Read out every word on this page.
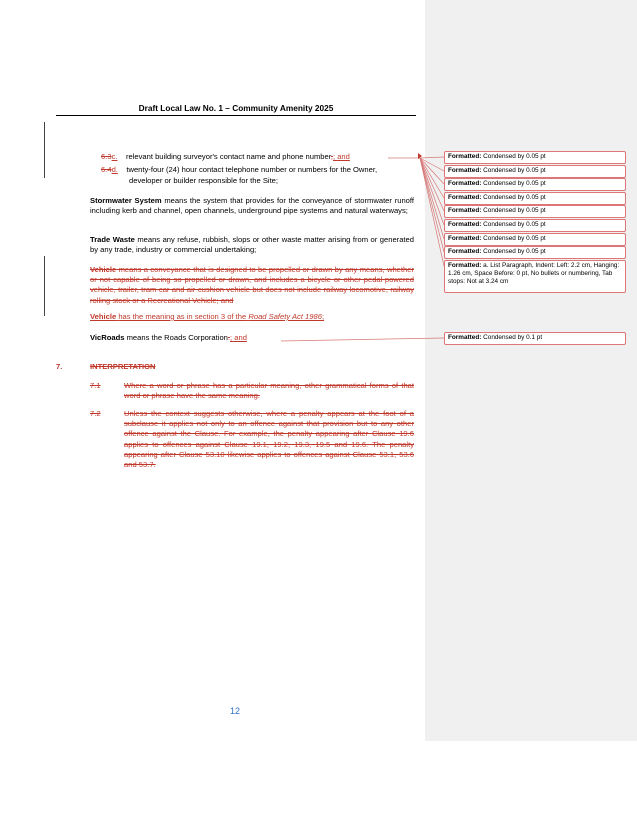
Draft Local Law No. 1 – Community Amenity 2025
6.3c. relevant building surveyor's contact name and phone number,; and
6.4d. twenty-four (24) hour contact telephone number or numbers for the Owner,
developer or builder responsible for the Site;
Stormwater System means the system that provides for the conveyance of stormwater runoff including kerb and channel, open channels, underground pipe systems and natural waterways;
Trade Waste means any refuse, rubbish, slops or other waste matter arising from or generated by any trade, industry or commercial undertaking;
Vehicle means a conveyance that is designed to be propelled or drawn by any means, whether or not capable of being so propelled or drawn, and includes a bicycle or other pedal-powered vehicle, trailer, tram-car and air-cushion vehicle but does not include railway locomotive, railway rolling stock or a Recreational Vehicle; and
Vehicle has the meaning as in section 3 of the Road Safety Act 1986;
VicRoads means the Roads Corporation.; and
7.	INTERPRETATION
7.1	Where a word or phrase has a particular meaning, other grammatical forms of that word or phrase have the same meaning.
7.2	Unless the context suggests otherwise, where a penalty appears at the foot of a subclause it applies not only to an offence against that provision but to any other offence against the Clause. For example, the penalty appearing after Clause 19.6 applies to offences against Clause 19.1, 19.2, 19.3, 19.5 and 19.6. The penalty appearing after Clause 53.10 likewise applies to offences against Clause 53.1, 53.6 and 53.7.
12
Formatted: Condensed by 0.05 pt
Formatted: Condensed by 0.05 pt
Formatted: Condensed by 0.05 pt
Formatted: Condensed by 0.05 pt
Formatted: Condensed by 0.05 pt
Formatted: Condensed by 0.05 pt
Formatted: Condensed by 0.05 pt
Formatted: Condensed by 0.05 pt
Formatted: a. List Paragraph, Indent: Left: 2.2 cm, Hanging: 1.26 cm, Space Before: 0 pt, No bullets or numbering, Tab stops: Not at 3.24 cm
Formatted: Condensed by 0.1 pt
